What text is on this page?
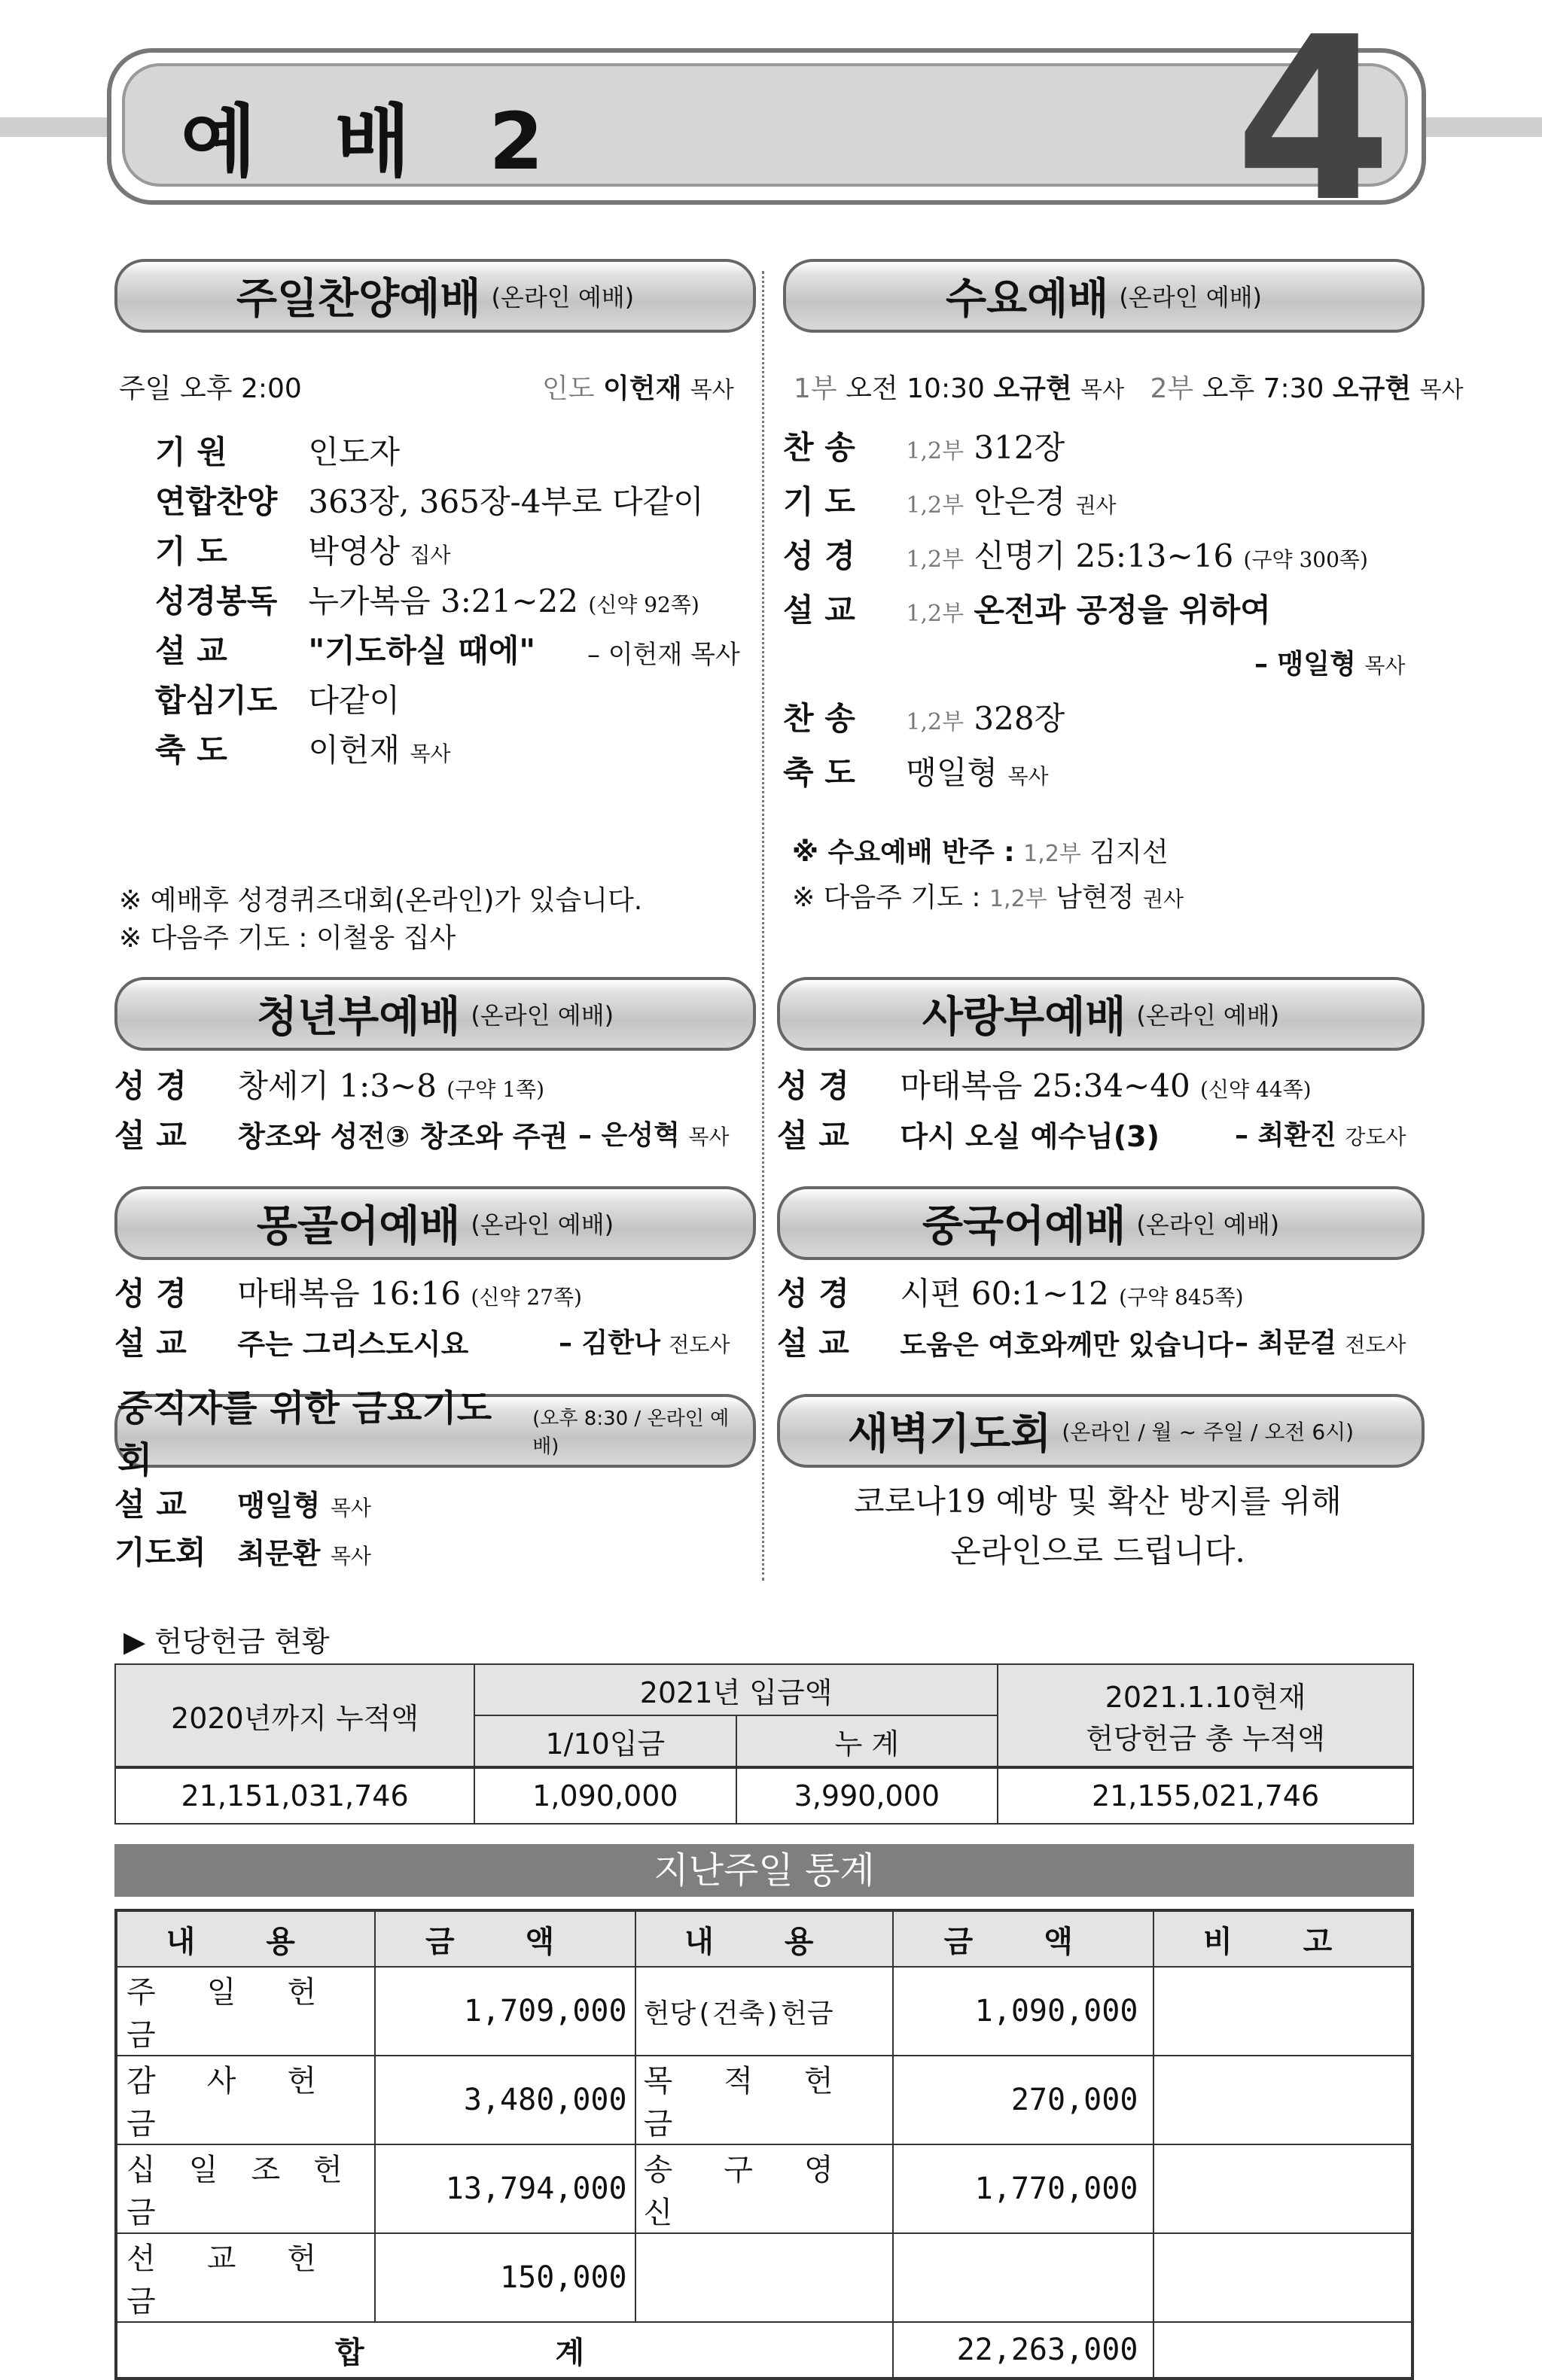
예 배 2	4
주일찬양예배 (온라인 예배)
주일 오후 2:00	인도 이헌재 목사
기 원	인도자
연합찬양 363장, 365장-4부로 다같이
기 도	박영상 집사
성경봉독 누가복음 3:21~22 (신약 92쪽)
설 교	"기도하실 때에" – 이헌재 목사
합심기도 다같이
축 도	이헌재 목사
※ 예배후 성경퀴즈대회(온라인)가 있습니다.
※ 다음주 기도 : 이철웅 집사
수요예배 (온라인 예배)
1부 오전 10:30 오규현 목사 2부 오후 7:30 오규현 목사
찬 송 1,2부 312장
기 도 1,2부 안은경 권사
성 경 1,2부 신명기 25:13~16 (구약 300쪽)
설 교 1,2부 온전과 공정을 위하여
– 맹일형 목사
찬 송 1,2부 328장
축 도 맹일형 목사
※ 수요예배 반주 : 1,2부 김지선
※ 다음주 기도 : 1,2부 남현정 권사
청년부예배 (온라인 예배)
성 경 창세기 1:3~8 (구약 1쪽)
설 교 창조와 성전③ 창조와 주권 – 은성혁 목사
사랑부예배 (온라인 예배)
성 경 마태복음 25:34~40 (신약 44쪽)
설 교 다시 오실 예수님(3)	– 최환진 강도사
몽골어예배 (온라인 예배)
성 경 마태복음 16:16 (신약 27쪽)
설 교 주는 그리스도시요	– 김한나 전도사
중국어예배 (온라인 예배)
성 경 시편 60:1~12 (구약 845쪽)
설 교 도움은 여호와께만 있습니다 – 최문걸 전도사
중직자를 위한 금요기도회
(오후 8:30 / 온라인 예배)
설 교 맹일형 목사
기도회 최문환 목사
새벽기도회 (온라인 / 월 ~ 주일 / 오전 6시)
코로나19 예방 및 확산 방지를 위해
온라인으로 드립니다.
▶ 헌당헌금 현황
2020년까지 누적액	2021년 입금액		2021.1.10현재
헌당헌금 총 누적액

	1/10입금	누 계	
21,151,031,746	1,090,000	3,990,000	21,155,021,746
지난주일 통계
내 용	금 액	내 용	금 액	비 고
주 일 헌 금	1,709,000	헌당(건축)헌금	1,090,000	
감 사 헌 금	3,480,000	목 적 헌 금	270,000	
십 일 조 헌 금	13,794,000	송 구 영 신	1,770,000	
선 교 헌 금	150,000			
합 계			22,263,000	
